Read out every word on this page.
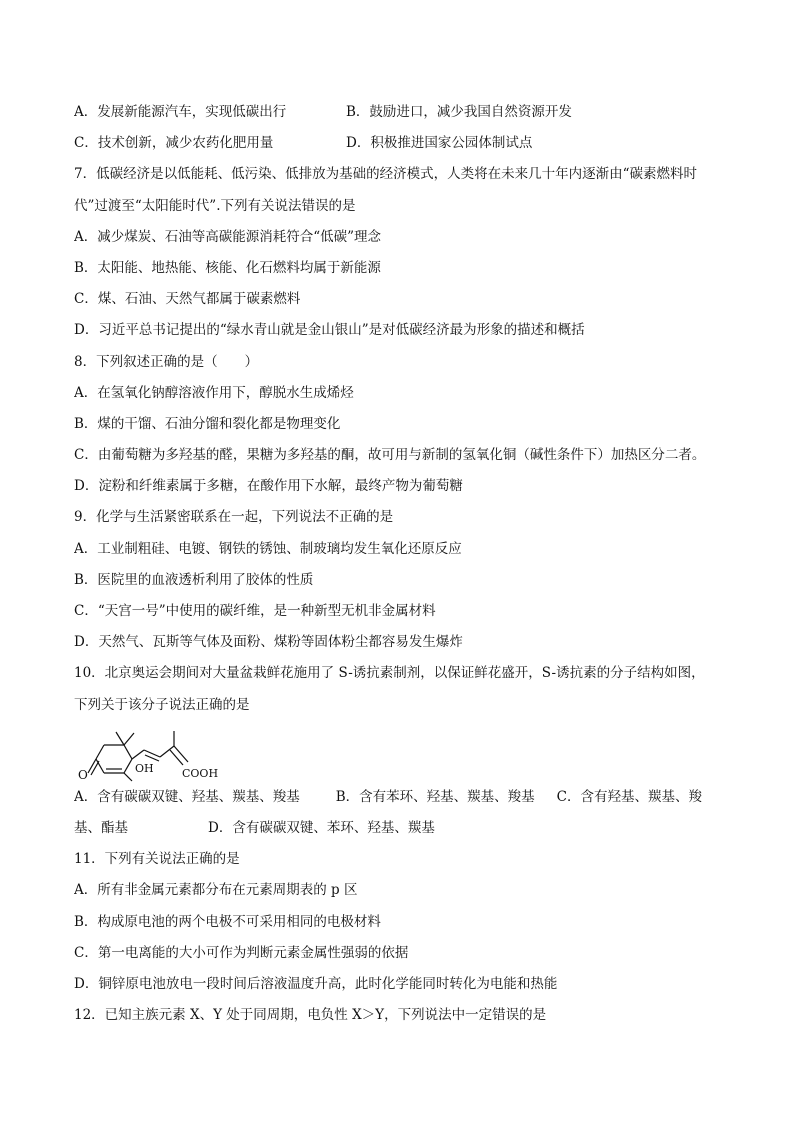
A．发展新能源汽车，实现低碳出行	B．鼓励进口，减少我国自然资源开发
C．技术创新，减少农药化肥用量	D．积极推进国家公园体制试点
7．低碳经济是以低能耗、低污染、低排放为基础的经济模式，人类将在未来几十年内逐渐由“碳素燃料时
代”过渡至“太阳能时代”.下列有关说法错误的是
A．减少煤炭、石油等高碳能源消耗符合“低碳”理念
B．太阳能、地热能、核能、化石燃料均属于新能源
C．煤、石油、天然气都属于碳素燃料
D．习近平总书记提出的“绿水青山就是金山银山”是对低碳经济最为形象的描述和概括
8．下列叙述正确的是（　　）
A．在氢氧化钠醇溶液作用下，醇脱水生成烯烃
B．煤的干馏、石油分馏和裂化都是物理变化
C．由葡萄糖为多羟基的醛，果糖为多羟基的酮，故可用与新制的氢氧化铜（碱性条件下）加热区分二者。
D．淀粉和纤维素属于多糖，在酸作用下水解，最终产物为葡萄糖
9．化学与生活紧密联系在一起，下列说法不正确的是
A．工业制粗硅、电镀、钢铁的锈蚀、制玻璃均发生氧化还原反应
B．医院里的血液透析利用了胶体的性质
C．“天宫一号”中使用的碳纤维，是一种新型无机非金属材料
D．天然气、瓦斯等气体及面粉、煤粉等固体粉尘都容易发生爆炸
10．北京奥运会期间对大量盆栽鲜花施用了 S-诱抗素制剂，以保证鲜花盛开，S-诱抗素的分子结构如图，
下列关于该分子说法正确的是
O	OH	COOH
A．含有碳碳双键、羟基、羰基、羧基	B．含有苯环、羟基、羰基、羧基 C．含有羟基、羰基、羧
基、酯基	D．含有碳碳双键、苯环、羟基、羰基
11．下列有关说法正确的是
A．所有非金属元素都分布在元素周期表的 p 区
B．构成原电池的两个电极不可采用相同的电极材料
C．第一电离能的大小可作为判断元素金属性强弱的依据
D．铜锌原电池放电一段时间后溶液温度升高，此时化学能同时转化为电能和热能
12．已知主族元素 X、Y 处于同周期，电负性 X＞Y，下列说法中一定错误的是
